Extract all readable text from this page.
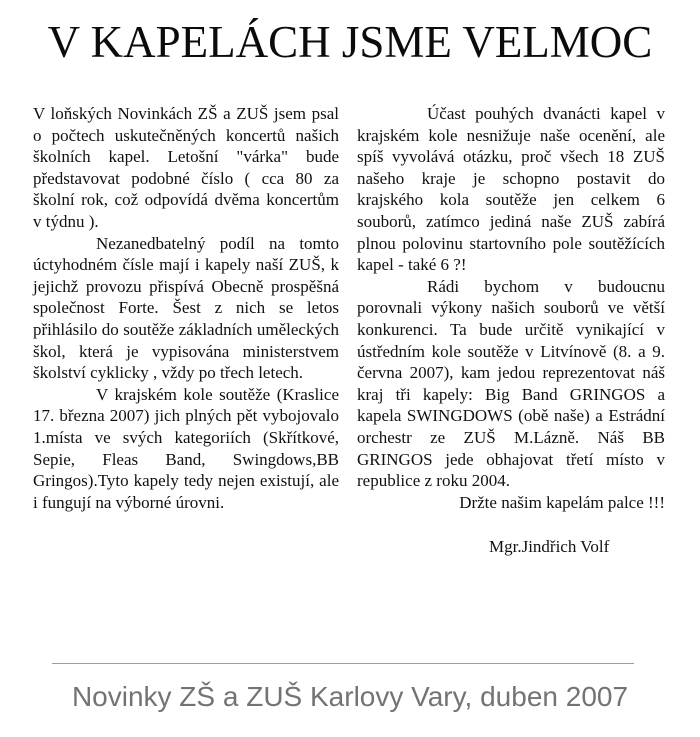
V KAPELÁCH JSME VELMOC

V loňských Novinkách ZŠ a ZUŠ jsem psal o počtech uskutečněných koncertů našich školních kapel. Letošní "várka" bude představovat podobné číslo ( cca 80 za školní rok, což odpovídá dvěma koncertům v týdnu ).

Nezanedbatelný podíl na tomto úctyhodném čísle mají i kapely naší ZUŠ, k jejichž provozu přispívá Obecně prospěšná společnost Forte. Šest z nich se letos přihlásilo do soutěže základních uměleckých škol, která je vypisována ministerstvem školství cyklicky , vždy po třech letech.

V krajském kole soutěže (Kraslice 17. března 2007) jich plných pět vybojovalo 1.místa ve svých kategoriích (Skřítkové, Sepie, Fleas Band, Swingdows,BB Gringos).Tyto kapely tedy nejen existují, ale i fungují na výborné úrovni.

Účast pouhých dvanácti kapel v krajském kole nesnižuje naše ocenění, ale spíš vyvolává otázku, proč všech 18 ZUŠ našeho kraje je schopno postavit do krajského kola soutěže jen celkem 6 souborů, zatímco jediná naše ZUŠ zabírá plnou polovinu startovního pole soutěžících kapel - také 6 ?!

Rádi bychom v budoucnu porovnali výkony našich souborů ve větší konkurenci. Ta bude určitě vynikající v ústředním kole soutěže v Litvínově (8. a 9. června 2007), kam jedou reprezentovat náš kraj tři kapely: Big Band GRINGOS a kapela SWINGDOWS (obě naše) a Estrádní orchestr ze ZUŠ M.Lázně. Náš BB GRINGOS jede obhajovat třetí místo v republice z roku 2004.

Držte našim kapelám palce !!!

Mgr.Jindřich Volf

Novinky ZŠ a ZUŠ Karlovy Vary, duben 2007
